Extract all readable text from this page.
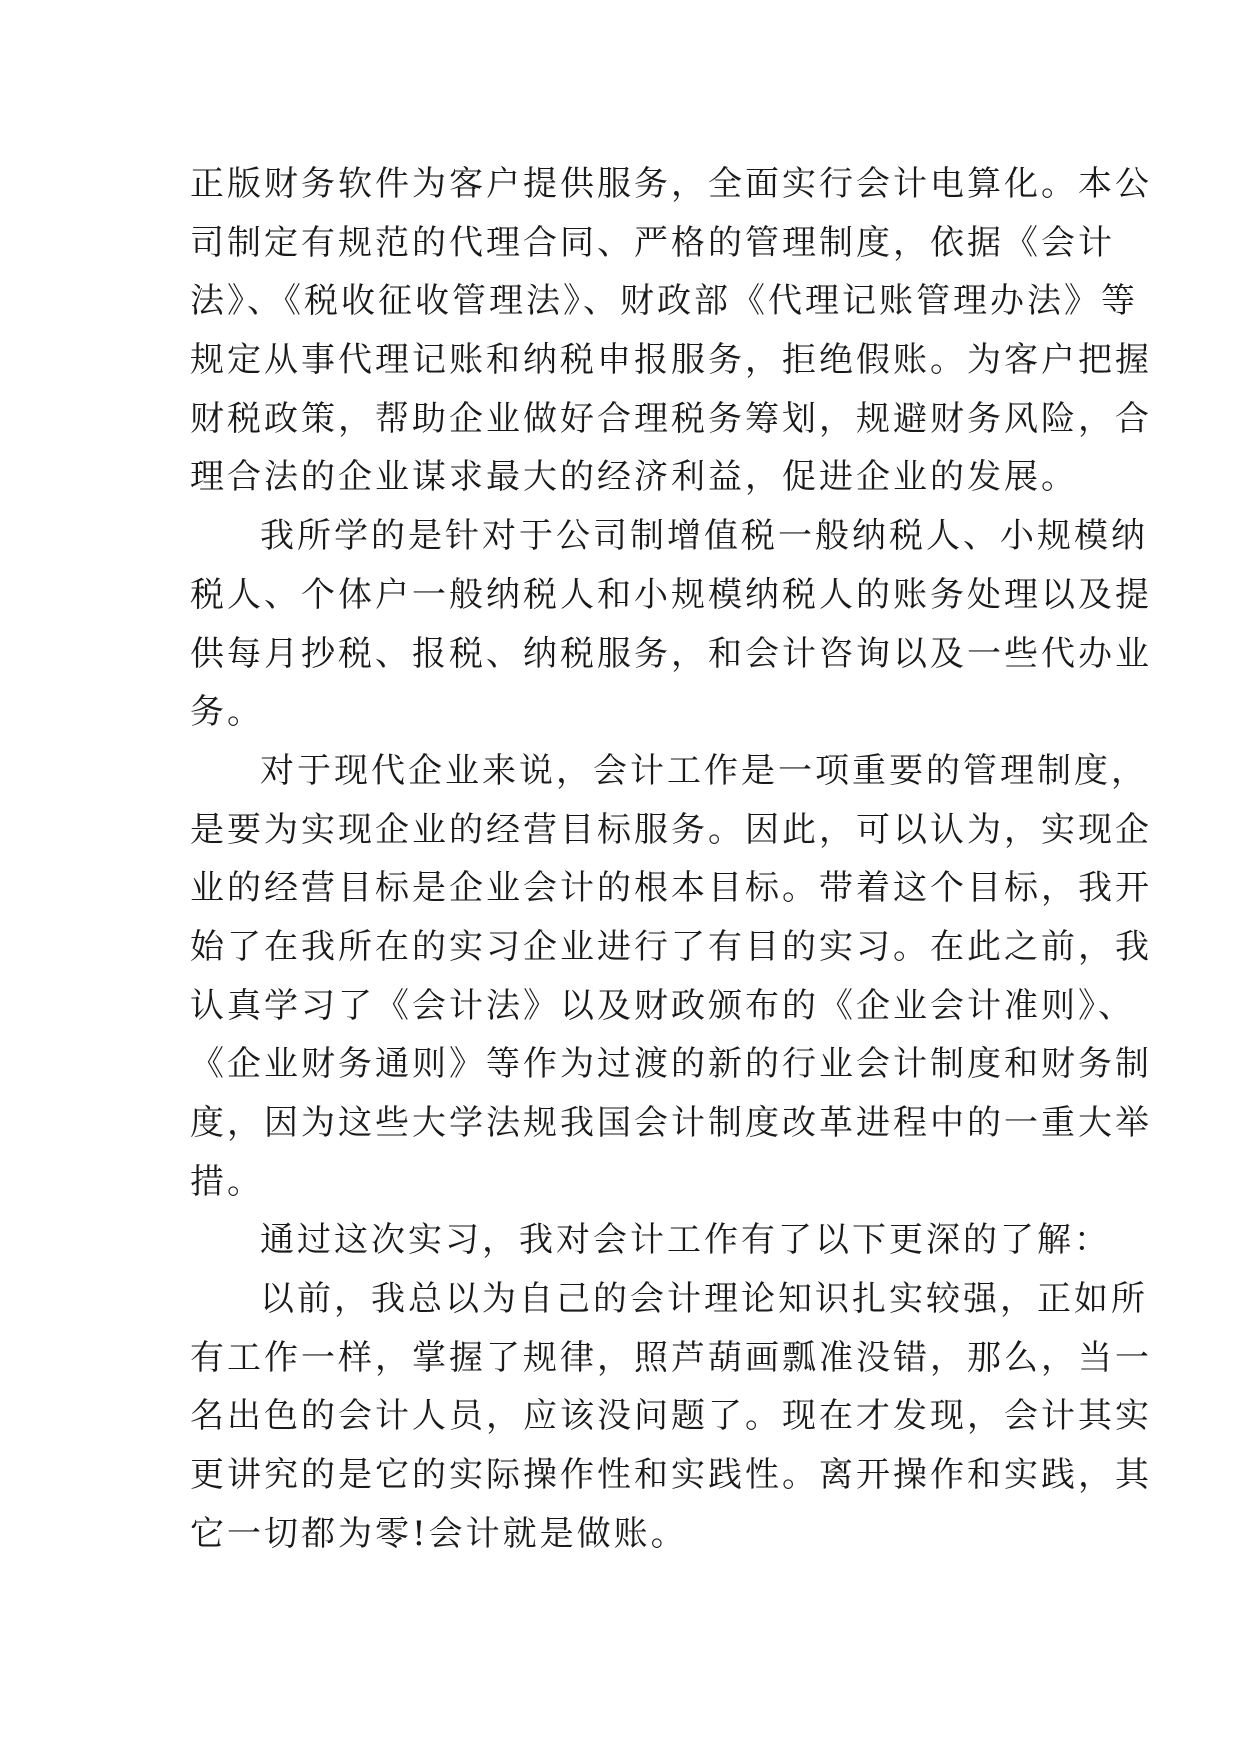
正版财务软件为客户提供服务，全面实行会计电算化。本公
司制定有规范的代理合同、严格的管理制度，依据《会计
法》、《税收征收管理法》、财政部《代理记账管理办法》等
规定从事代理记账和纳税申报服务，拒绝假账。为客户把握
财税政策，帮助企业做好合理税务筹划，规避财务风险，合
理合法的企业谋求最大的经济利益，促进企业的发展。
我所学的是针对于公司制增值税一般纳税人、小规模纳
税人、个体户一般纳税人和小规模纳税人的账务处理以及提
供每月抄税、报税、纳税服务，和会计咨询以及一些代办业
务。
对于现代企业来说，会计工作是一项重要的管理制度，
是要为实现企业的经营目标服务。因此，可以认为，实现企
业的经营目标是企业会计的根本目标。带着这个目标，我开
始了在我所在的实习企业进行了有目的实习。在此之前，我
认真学习了《会计法》以及财政颁布的《企业会计准则》、
《企业财务通则》等作为过渡的新的行业会计制度和财务制
度，因为这些大学法规我国会计制度改革进程中的一重大举
措。
通过这次实习，我对会计工作有了以下更深的了解：
以前，我总以为自己的会计理论知识扎实较强，正如所
有工作一样，掌握了规律，照芦葫画瓢准没错，那么，当一
名出色的会计人员，应该没问题了。现在才发现，会计其实
更讲究的是它的实际操作性和实践性。离开操作和实践，其
它一切都为零!会计就是做账。
